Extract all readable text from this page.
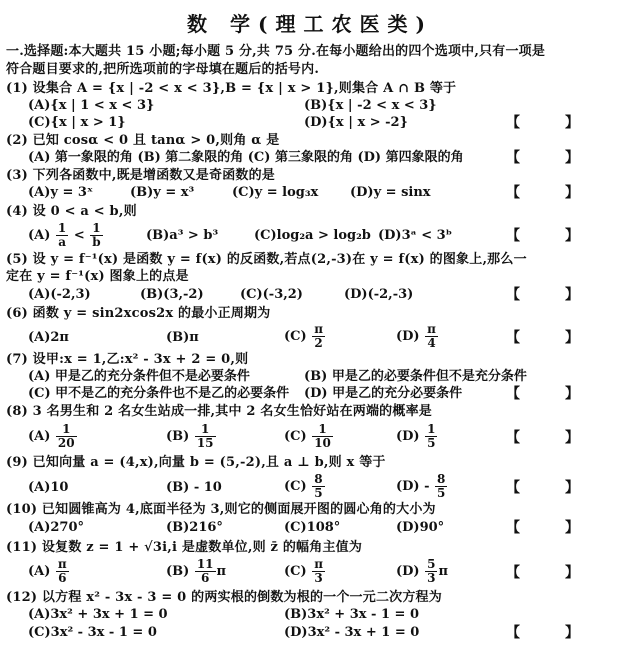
数 学(理工农医类)
一.选择题:本大题共 15 小题;每小题 5 分,共 75 分.在每小题给出的四个选项中,只有一项是
符合题目要求的,把所选项前的字母填在题后的括号内.
(1) 设集合 A = {x | -2 < x < 3},B = {x | x > 1},则集合 A ∩ B 等于
(A){x | 1 < x < 3}	(B){x | -2 < x < 3}
(C){x | x > 1}	(D){x | x > -2}	【	】
(2) 已知 cosα < 0 且 tanα > 0,则角 α 是
(A) 第一象限的角 (B) 第二象限的角 (C) 第三象限的角 (D) 第四象限的角	【	】
(3) 下列各函数中,既是增函数又是奇函数的是
(A)y = 3ˣ	(B)y = x³	(C)y = log₃x (D)y = sinx	【	】
(4) 设 0 < a < b,则
$(A) \frac{1}{a} < \frac{1}{b}$	(B)a³ > b³	(C)log₂a > log₂b (D)3ᵃ < 3ᵇ	【	】
(5) 设 y = f⁻¹(x) 是函数 y = f(x) 的反函数,若点(2,-3)在 y = f(x) 的图象上,那么一
定在 y = f⁻¹(x) 图象上的点是
(A)(-2,3)	(B)(3,-2)	(C)(-3,2)	(D)(-2,-3)	【	】
(6) 函数 y = sin2xcos2x 的最小正周期为
(A)2π	(B)π	$(C) \frac{\pi}{2}$	$(D) \frac{\pi}{4}$	【	】
(7) 设甲:x = 1,乙:x² - 3x + 2 = 0,则
(A) 甲是乙的充分条件但不是必要条件	(B) 甲是乙的必要条件但不是充分条件
(C) 甲不是乙的充分条件也不是乙的必要条件 (D) 甲是乙的充分必要条件	【	】
(8) 3 名男生和 2 名女生站成一排,其中 2 名女生恰好站在两端的概率是
$(A) \frac{1}{20}$	$(B) \frac{1}{15}$	$(C) \frac{1}{10}$	$(D) \frac{1}{5}$	【	】
(9) 已知向量 a = (4,x),向量 b = (5,-2),且 a ⊥ b,则 x 等于
(A)10	(B) - 10	$(C) \frac{8}{5}$	$(D) - \frac{8}{5}$	【	】
(10) 已知圆锥高为 4,底面半径为 3,则它的侧面展开图的圆心角的大小为
(A)270°	(B)216°	(C)108°	(D)90°	【	】
(11) 设复数 z = 1 + √3i,i 是虚数单位,则 z̄ 的幅角主值为
$(A) \frac{\pi}{6}$	$(B) \frac{11}{6}$ π	$(C) \frac{\pi}{3}$	$(D) \frac{5}{3}$ π	【	】
(12) 以方程 x² - 3x - 3 = 0 的两实根的倒数为根的一个一元二次方程为
(A)3x² + 3x + 1 = 0	(B)3x² + 3x - 1 = 0
(C)3x² - 3x - 1 = 0	(D)3x² - 3x + 1 = 0	【	】
